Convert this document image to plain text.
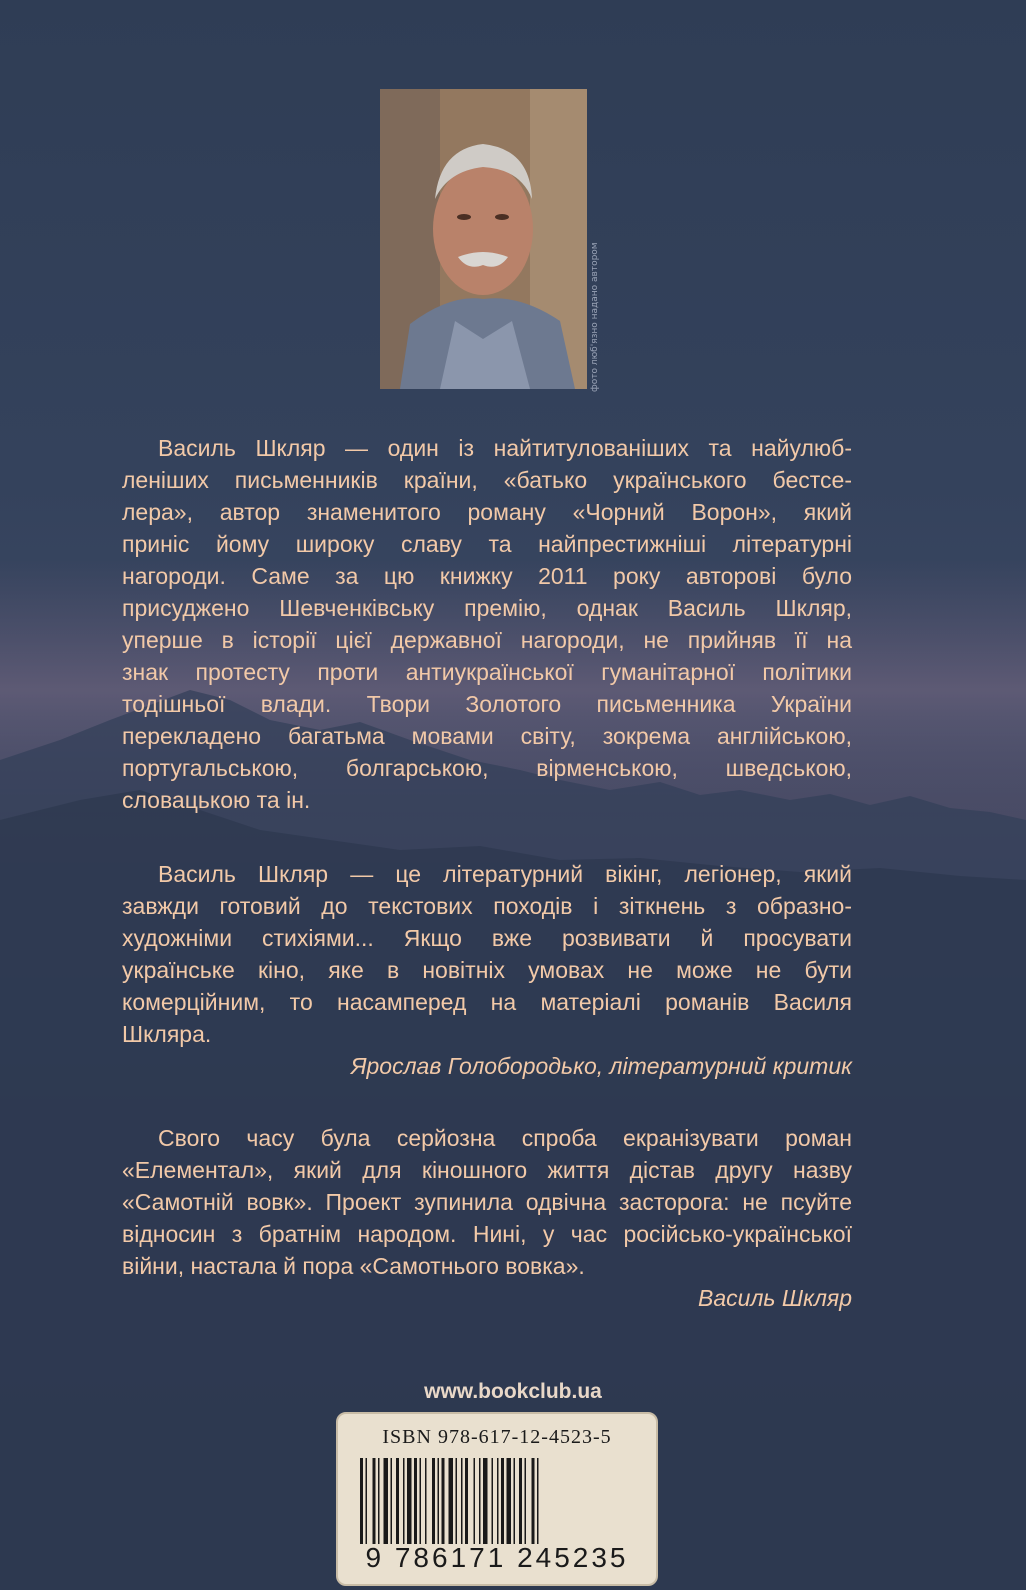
фото люб'язно надано автором
Василь Шкляр — один із найтитулованіших та найулюб-
леніших письменників країни, «батько українського бестсе-
лера», автор знаменитого роману «Чорний Ворон», який
приніс йому широку славу та найпрестижніші літературні
нагороди. Саме за цю книжку 2011 року авторові було
присуджено Шевченківську премію, однак Василь Шкляр,
уперше в історії цієї державної нагороди, не прийняв її на
знак протесту проти антиукраїнської гуманітарної політики
тодішньої влади. Твори Золотого письменника України
перекладено багатьма мовами світу, зокрема англійською,
португальською, болгарською, вірменською, шведською,
словацькою та ін.
Василь Шкляр — це літературний вікінг, легіонер, який
завжди готовий до текстових походів і зіткнень з образно-
художніми стихіями... Якщо вже розвивати й просувати
українське кіно, яке в новітніх умовах не може не бути
комерційним, то насамперед на матеріалі романів Василя
Шкляра.
Ярослав Голобородько, літературний критик
Свого часу була серйозна спроба екранізувати роман
«Елементал», який для кіношного життя дістав другу назву
«Самотній вовк». Проект зупинила одвічна засторога: не псуйте
відносин з братнім народом. Нині, у час російсько-української
війни, настала й пора «Самотнього вовка».
Василь Шкляр
www.bookclub.ua
ISBN 978-617-12-4523-5
9 786171 245235
